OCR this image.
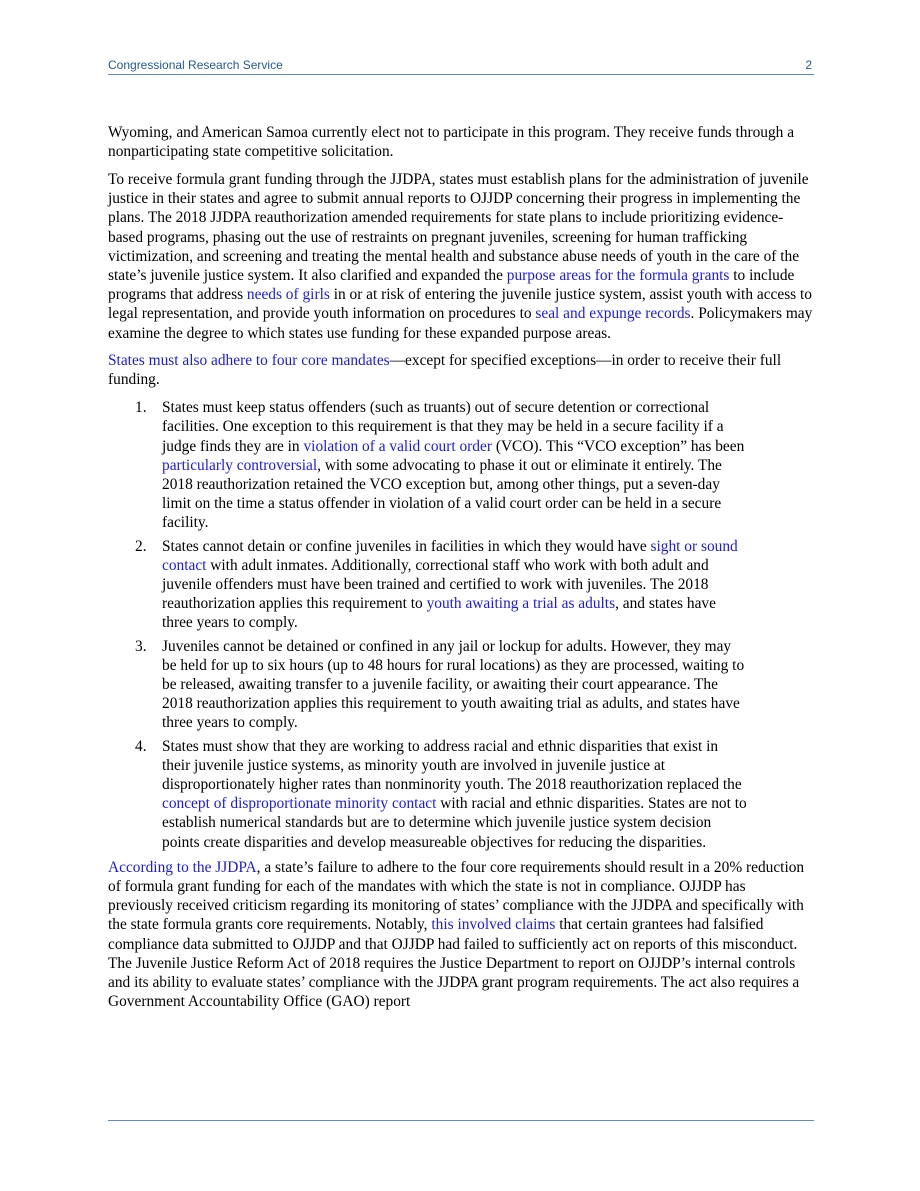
Congressional Research Service	2

Wyoming, and American Samoa currently elect not to participate in this program. They receive funds through a nonparticipating state competitive solicitation.

To receive formula grant funding through the JJDPA, states must establish plans for the administration of juvenile justice in their states and agree to submit annual reports to OJJDP concerning their progress in implementing the plans. The 2018 JJDPA reauthorization amended requirements for state plans to include prioritizing evidence-based programs, phasing out the use of restraints on pregnant juveniles, screening for human trafficking victimization, and screening and treating the mental health and substance abuse needs of youth in the care of the state’s juvenile justice system. It also clarified and expanded the purpose areas for the formula grants to include programs that address needs of girls in or at risk of entering the juvenile justice system, assist youth with access to legal representation, and provide youth information on procedures to seal and expunge records. Policymakers may examine the degree to which states use funding for these expanded purpose areas.

States must also adhere to four core mandates—except for specified exceptions—in order to receive their full funding.

1. States must keep status offenders (such as truants) out of secure detention or correctional facilities. One exception to this requirement is that they may be held in a secure facility if a judge finds they are in violation of a valid court order (VCO). This “VCO exception” has been particularly controversial, with some advocating to phase it out or eliminate it entirely. The 2018 reauthorization retained the VCO exception but, among other things, put a seven-day limit on the time a status offender in violation of a valid court order can be held in a secure facility.
2. States cannot detain or confine juveniles in facilities in which they would have sight or sound contact with adult inmates. Additionally, correctional staff who work with both adult and juvenile offenders must have been trained and certified to work with juveniles. The 2018 reauthorization applies this requirement to youth awaiting a trial as adults, and states have three years to comply.
3. Juveniles cannot be detained or confined in any jail or lockup for adults. However, they may be held for up to six hours (up to 48 hours for rural locations) as they are processed, waiting to be released, awaiting transfer to a juvenile facility, or awaiting their court appearance. The 2018 reauthorization applies this requirement to youth awaiting trial as adults, and states have three years to comply.
4. States must show that they are working to address racial and ethnic disparities that exist in their juvenile justice systems, as minority youth are involved in juvenile justice at disproportionately higher rates than nonminority youth. The 2018 reauthorization replaced the concept of disproportionate minority contact with racial and ethnic disparities. States are not to establish numerical standards but are to determine which juvenile justice system decision points create disparities and develop measureable objectives for reducing the disparities.

According to the JJDPA, a state’s failure to adhere to the four core requirements should result in a 20% reduction of formula grant funding for each of the mandates with which the state is not in compliance. OJJDP has previously received criticism regarding its monitoring of states’ compliance with the JJDPA and specifically with the state formula grants core requirements. Notably, this involved claims that certain grantees had falsified compliance data submitted to OJJDP and that OJJDP had failed to sufficiently act on reports of this misconduct. The Juvenile Justice Reform Act of 2018 requires the Justice Department to report on OJJDP’s internal controls and its ability to evaluate states’ compliance with the JJDPA grant program requirements. The act also requires a Government Accountability Office (GAO) report
